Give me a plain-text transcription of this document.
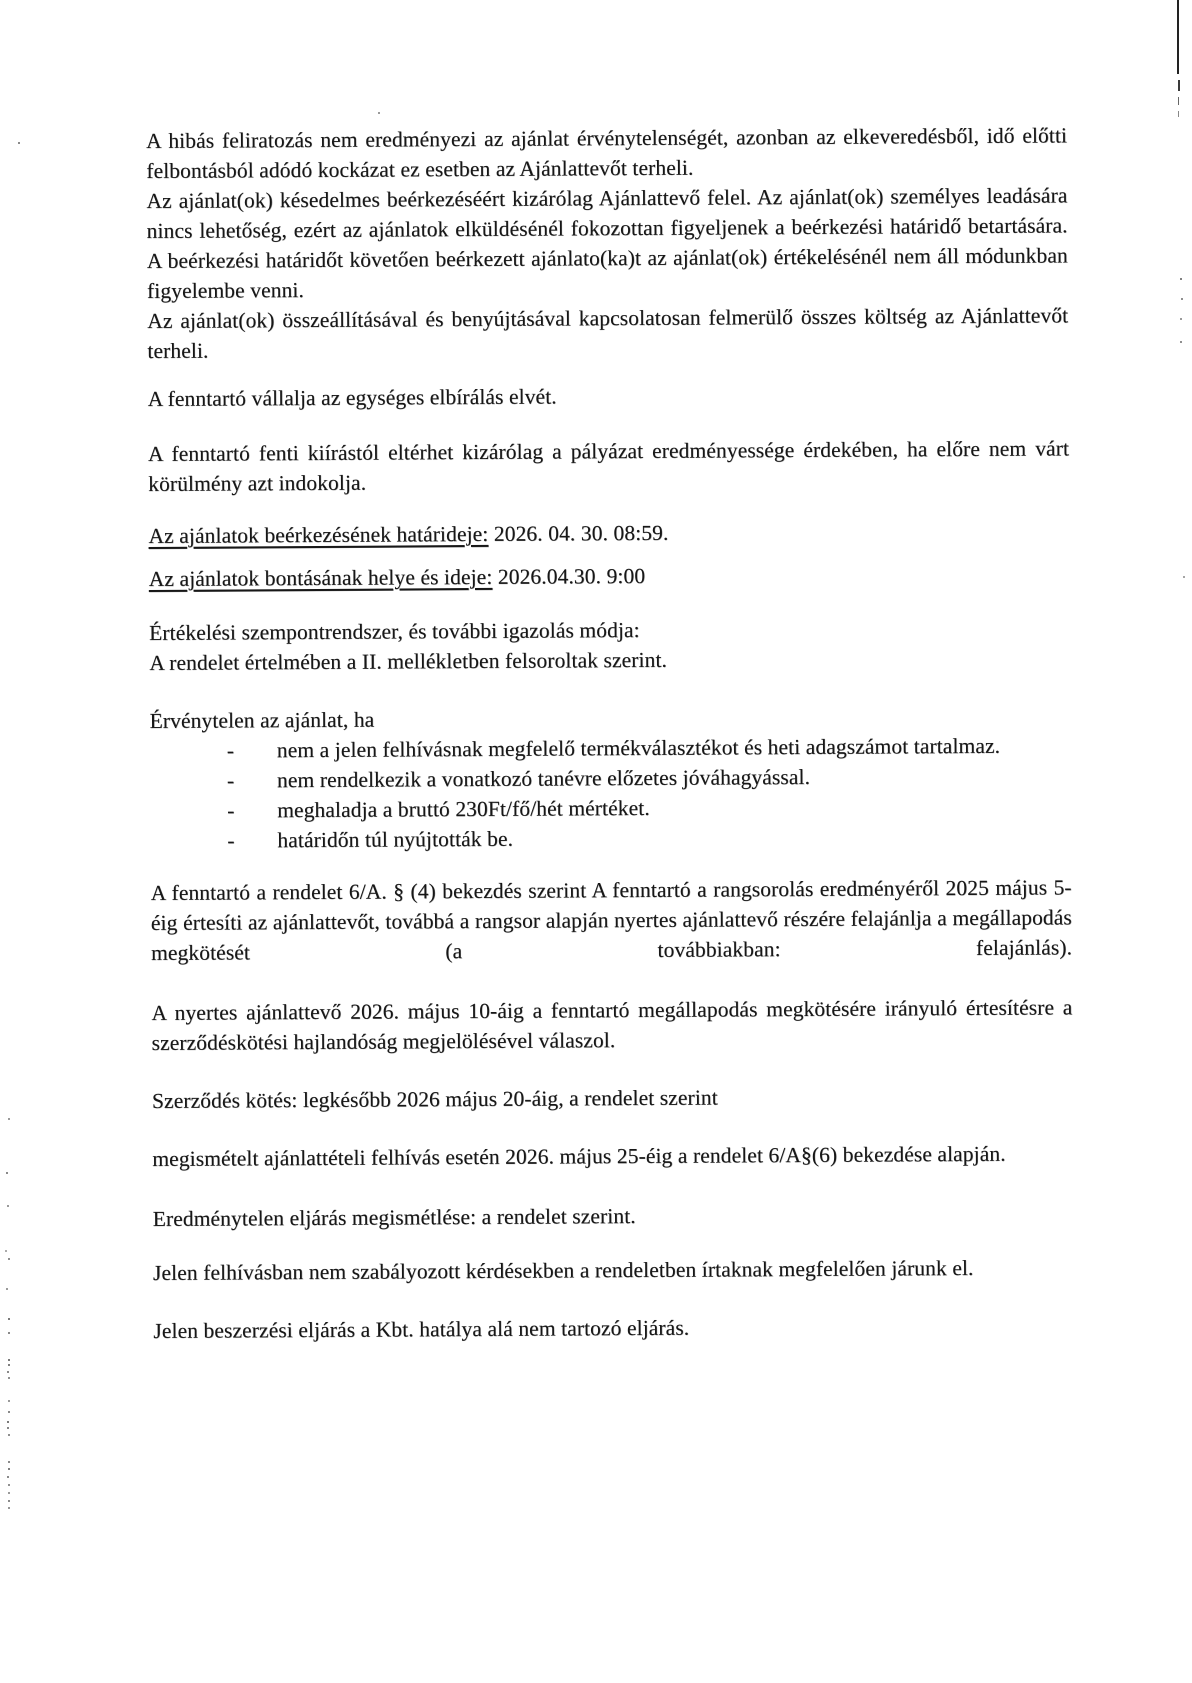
A hibás feliratozás nem eredményezi az ajánlat érvénytelenségét, azonban az elkeveredésből, idő előtti felbontásból adódó kockázat ez esetben az Ajánlattevőt terheli.

Az ajánlat(ok) késedelmes beérkezéséért kizárólag Ajánlattevő felel. Az ajánlat(ok) személyes leadására nincs lehetőség, ezért az ajánlatok elküldésénél fokozottan figyeljenek a beérkezési határidő betartására. A beérkezési határidőt követően beérkezett ajánlato(ka)t az ajánlat(ok) értékelésénél nem áll módunkban figyelembe venni.

Az ajánlat(ok) összeállításával és benyújtásával kapcsolatosan felmerülő összes költség az Ajánlattevőt terheli.

A fenntartó vállalja az egységes elbírálás elvét.

A fenntartó fenti kiírástól eltérhet kizárólag a pályázat eredményessége érdekében, ha előre nem várt körülmény azt indokolja.

Az ajánlatok beérkezésének határideje: 2026. 04. 30. 08:59.

Az ajánlatok bontásának helye és ideje: 2026.04.30. 9:00

Értékelési szempontrendszer, és további igazolás módja:

A rendelet értelmében a II. mellékletben felsoroltak szerint.

Érvénytelen az ajánlat, ha

-	nem a jelen felhívásnak megfelelő termékválasztékot és heti adagszámot tartalmaz.
-	nem rendelkezik a vonatkozó tanévre előzetes jóváhagyással.
-	meghaladja a bruttó 230Ft/fő/hét mértéket.
-	határidőn túl nyújtották be.

A fenntartó a rendelet 6/A. § (4) bekezdés szerint A fenntartó a rangsorolás eredményéről 2025 május 5-éig értesíti az ajánlattevőt, továbbá a rangsor alapján nyertes ajánlattevő részére felajánlja a megállapodás megkötését (a továbbiakban: felajánlás).

A nyertes ajánlattevő 2026. május 10-áig a fenntartó megállapodás megkötésére irányuló értesítésre a szerződéskötési hajlandóság megjelölésével válaszol.

Szerződés kötés: legkésőbb 2026 május 20-áig, a rendelet szerint

megismételt ajánlattételi felhívás esetén 2026. május 25-éig a rendelet 6/A§(6) bekezdése alapján.

Eredménytelen eljárás megismétlése: a rendelet szerint.

Jelen felhívásban nem szabályozott kérdésekben a rendeletben írtaknak megfelelően járunk el.

Jelen beszerzési eljárás a Kbt. hatálya alá nem tartozó eljárás.
